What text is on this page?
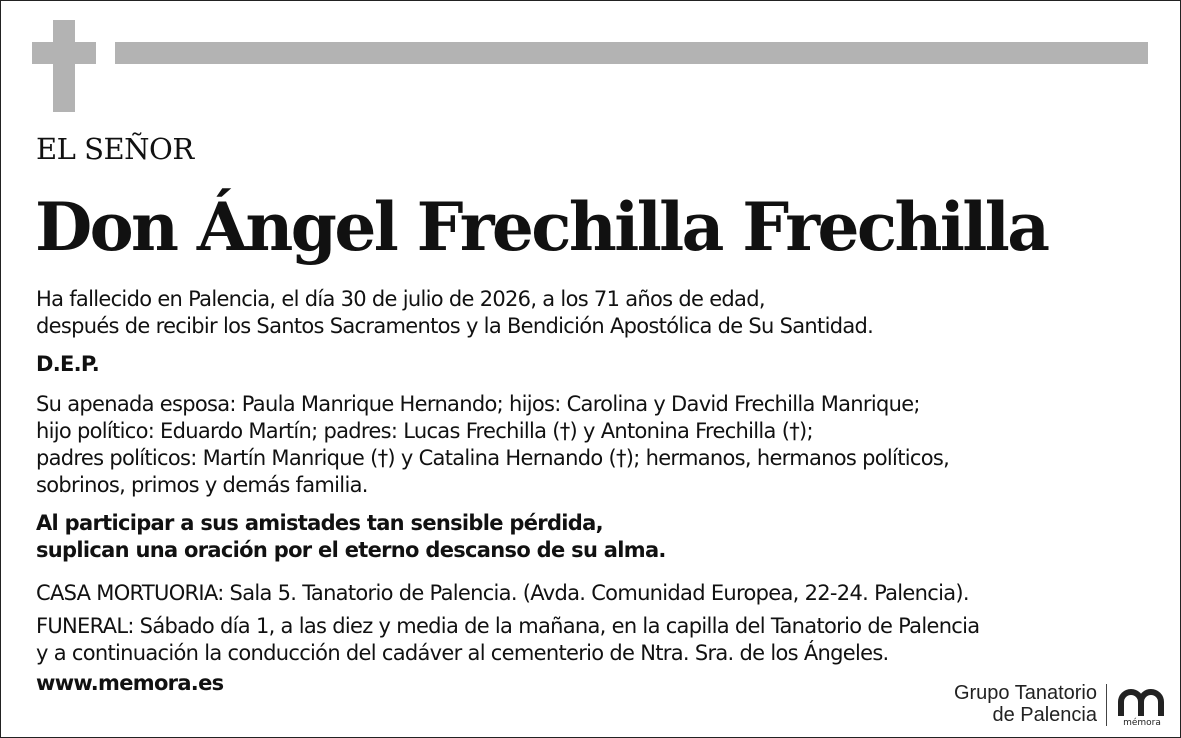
EL SEÑOR
Don Ángel Frechilla Frechilla
Ha fallecido en Palencia, el día 30 de julio de 2026, a los 71 años de edad,
después de recibir los Santos Sacramentos y la Bendición Apostólica de Su Santidad.
D.E.P.
Su apenada esposa: Paula Manrique Hernando; hijos: Carolina y David Frechilla Manrique;
hijo político: Eduardo Martín; padres: Lucas Frechilla (†) y Antonina Frechilla (†);
padres políticos: Martín Manrique (†) y Catalina Hernando (†); hermanos, hermanos políticos,
sobrinos, primos y demás familia.
Al participar a sus amistades tan sensible pérdida,
suplican una oración por el eterno descanso de su alma.
CASA MORTUORIA: Sala 5. Tanatorio de Palencia. (Avda. Comunidad Europea, 22-24. Palencia).
FUNERAL: Sábado día 1, a las diez y media de la mañana, en la capilla del Tanatorio de Palencia
y a continuación la conducción del cadáver al cementerio de Ntra. Sra. de los Ángeles.
www.memora.es	Grupo Tanatorio
de Palencia	mémora
